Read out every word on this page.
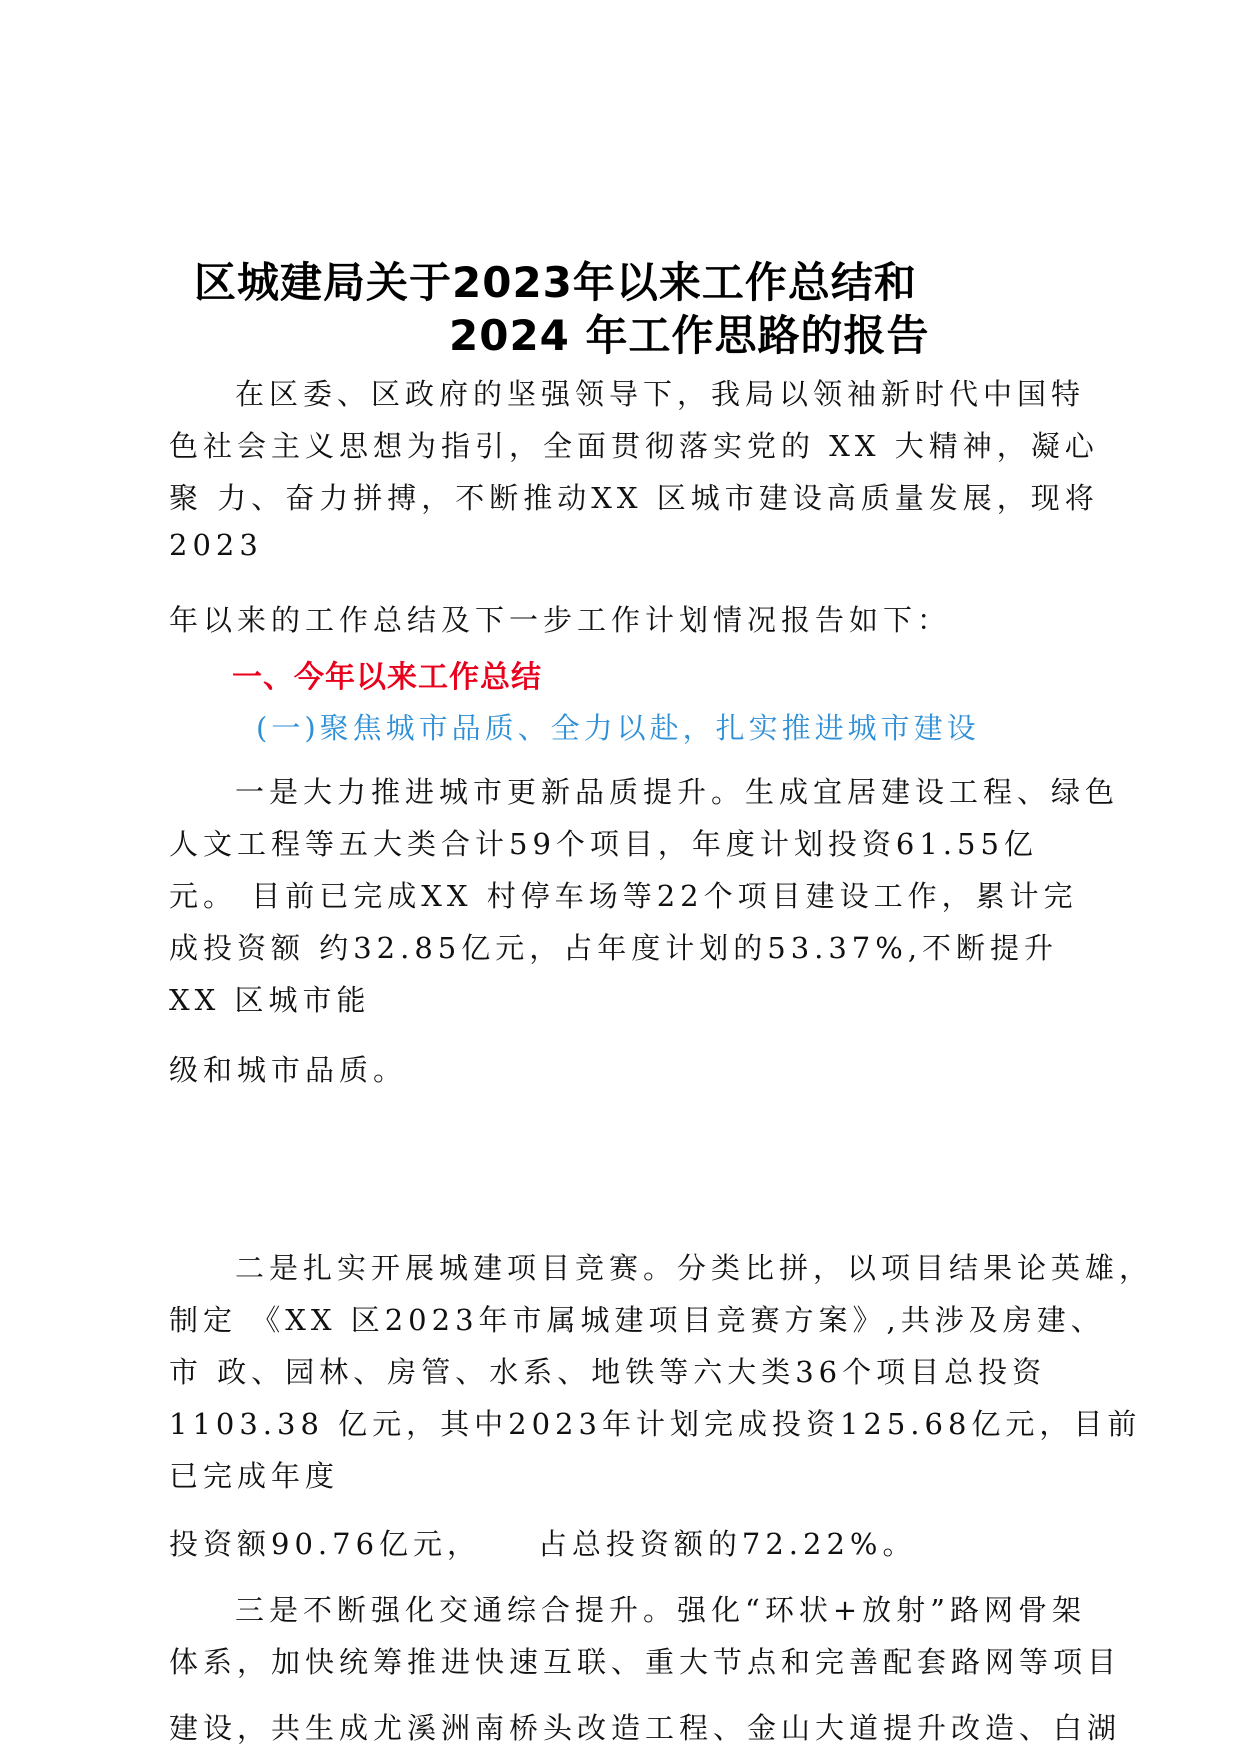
区城建局关于2023年以来工作总结和
2024 年工作思路的报告
在区委、区政府的坚强领导下，我局以领袖新时代中国特
色社会主义思想为指引，全面贯彻落实党的 XX 大精神，凝心
聚 力、奋力拼搏，不断推动XX 区城市建设高质量发展，现将
2023
年以来的工作总结及下一步工作计划情况报告如下：
一、今年以来工作总结
(一)聚焦城市品质、全力以赴，扎实推进城市建设
一是大力推进城市更新品质提升。生成宜居建设工程、绿色
人文工程等五大类合计59个项目，年度计划投资61.55亿
元。 目前已完成XX 村停车场等22个项目建设工作，累计完
成投资额 约32.85亿元，占年度计划的53.37%,不断提升
XX 区城市能
级和城市品质。
二是扎实开展城建项目竞赛。分类比拼，以项目结果论英雄，
制定 《XX 区2023年市属城建项目竞赛方案》,共涉及房建、
市 政、园林、房管、水系、地铁等六大类36个项目总投资
1103.38 亿元，其中2023年计划完成投资125.68亿元，目前
已完成年度
投资额90.76亿元，    占总投资额的72.22%。
三是不断强化交通综合提升。强化“环状+放射”路网骨架
体系，加快统筹推进快速互联、重大节点和完善配套路网等项目
建设，共生成尤溪洲南桥头改造工程、金山大道提升改造、白湖
